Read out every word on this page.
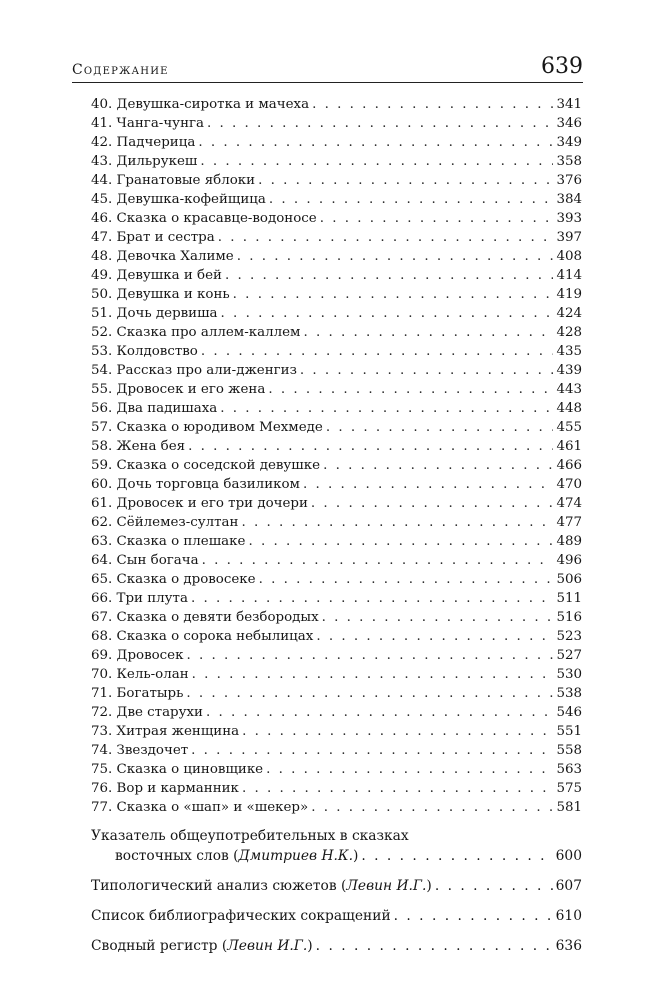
Содержание	639
40. Девушка-сиротка и мачеха . . .	341
41. Чанга-чунга . . .	346
42. Падчерица . . .	349
43. Дильрукеш . . .	358
44. Гранатовые яблоки . . .	376
45. Девушка-кофейщица . . .	384
46. Сказка о красавце-водоносе . . .	393
47. Брат и сестра . . .	397
48. Девочка Халиме . . .	408
49. Девушка и бей . . .	414
50. Девушка и конь . . .	419
51. Дочь дервиша . . .	424
52. Сказка про аллем-каллем . . .	428
53. Колдовство . . .	435
54. Рассказ про али-дженгиз . . .	439
55. Дровосек и его жена . . .	443
56. Два падишаха . . .	448
57. Сказка о юродивом Мехмеде . . .	455
58. Жена бея . . .	461
59. Сказка о соседской девушке . . .	466
60. Дочь торговца базиликом . . .	470
61. Дровосек и его три дочери . . .	474
62. Сёйлемез-султан . . .	477
63. Сказка о плешаке . . .	489
64. Сын богача . . .	496
65. Сказка о дровосеке . . .	506
66. Три плута . . .	511
67. Сказка о девяти безбородых . . .	516
68. Сказка о сорока небылицах . . .	523
69. Дровосек . . .	527
70. Кель-олан . . .	530
71. Богатырь . . .	538
72. Две старухи . . .	546
73. Хитрая женщина . . .	551
74. Звездочет . . .	558
75. Сказка о циновщике . . .	563
76. Вор и карманник . . .	575
77. Сказка о «шап» и «шекер» . . .	581
Указатель общеупотребительных в сказках
восточных слов (Дмитриев Н.К.) . . .	600
Типологический анализ сюжетов (Левин И.Г.) . . .	607
Список библиографических сокращений . . .	610
Сводный регистр (Левин И.Г.) . . .	636
